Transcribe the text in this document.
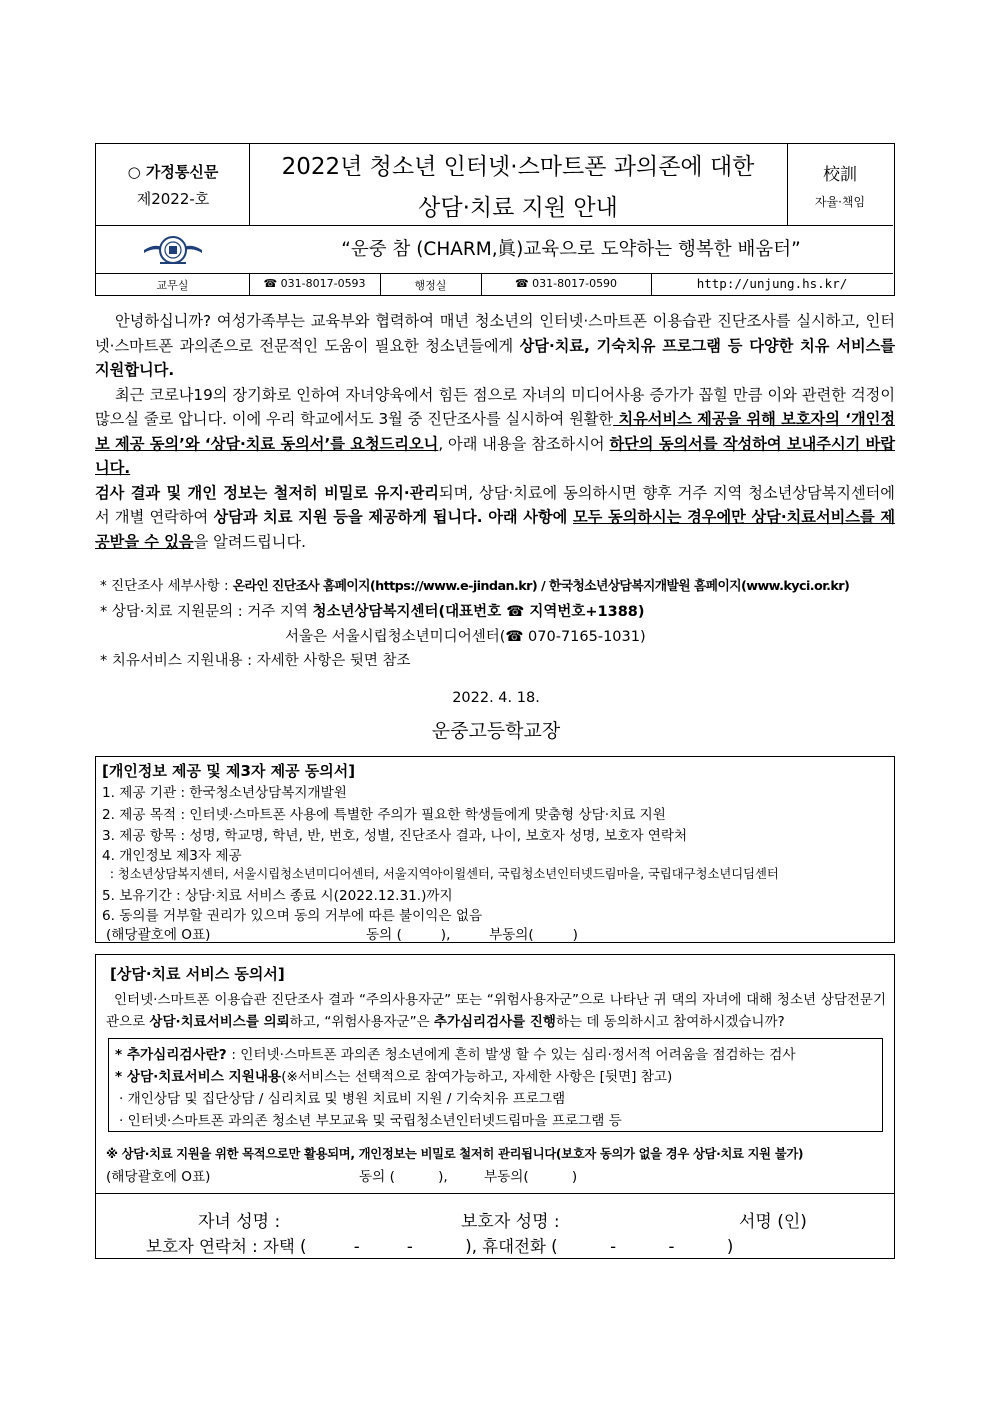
○ 가정통신문
제2022-호
2022년 청소년 인터넷·스마트폰 과의존에 대한
상담·치료 지원 안내
校訓
자율·책임
“운중 참 (CHARM,眞)교육으로 도약하는 행복한 배움터”
교무실	☎ 031-8017-0593	행정실	☎ 031-8017-0590	http://unjung.hs.kr/

안녕하십니까? 여성가족부는 교육부와 협력하여 매년 청소년의 인터넷·스마트폰 이용습관 진단조사를 실시하고, 인터넷·스마트폰 과의존으로 전문적인 도움이 필요한 청소년들에게 상담·치료, 기숙치유 프로그램 등 다양한 치유 서비스를 지원합니다.

최근 코로나19의 장기화로 인하여 자녀양육에서 힘든 점으로 자녀의 미디어사용 증가가 꼽힐 만큼 이와 관련한 걱정이 많으실 줄로 압니다. 이에 우리 학교에서도 3월 중 진단조사를 실시하여 원활한 치유서비스 제공을 위해 보호자의 ‘개인정보 제공 동의’와 ‘상담·치료 동의서’를 요청드리오니, 아래 내용을 참조하시어 하단의 동의서를 작성하여 보내주시기 바랍니다.

검사 결과 및 개인 정보는 철저히 비밀로 유지·관리되며, 상담·치료에 동의하시면 향후 거주 지역 청소년상담복지센터에서 개별 연락하여 상담과 치료 지원 등을 제공하게 됩니다. 아래 사항에 모두 동의하시는 경우에만 상담·치료서비스를 제공받을 수 있음을 알려드립니다.

* 진단조사 세부사항 : 온라인 진단조사 홈페이지(https://www.e-jindan.kr) / 한국청소년상담복지개발원 홈페이지(www.kyci.or.kr)
* 상담·치료 지원문의 : 거주 지역 청소년상담복지센터(대표번호 ☎ 지역번호+1388)
서울은 서울시립청소년미디어센터(☎ 070-7165-1031)
* 치유서비스 지원내용 : 자세한 사항은 뒷면 참조
2022. 4. 18.
운중고등학교장
[개인정보 제공 및 제3자 제공 동의서]
1. 제공 기관 : 한국청소년상담복지개발원
2. 제공 목적 : 인터넷·스마트폰 사용에 특별한 주의가 필요한 학생들에게 맞춤형 상담·치료 지원
3. 제공 항목 : 성명, 학교명, 학년, 반, 번호, 성별, 진단조사 결과, 나이, 보호자 성명, 보호자 연락처
4. 개인정보 제3자 제공
: 청소년상담복지센터, 서울시립청소년미디어센터, 서울지역아이윌센터, 국립청소년인터넷드림마을, 국립대구청소년디딤센터
5. 보유기간 : 상담·치료 서비스 종료 시(2022.12.31.)까지
6. 동의를 거부할 권리가 있으며 동의 거부에 따른 불이익은 없음
(해당괄호에 O표)	동의 (         ),	부동의(         )
[상담·치료 서비스 동의서]
인터넷·스마트폰 이용습관 진단조사 결과 “주의사용자군” 또는 “위험사용자군”으로 나타난 귀 댁의 자녀에 대해 청소년 상담전문기관으로 상담·치료서비스를 의뢰하고, “위험사용자군”은 추가심리검사를 진행하는 데 동의하시고 참여하시겠습니까?
* 추가심리검사란? : 인터넷·스마트폰 과의존 청소년에게 흔히 발생 할 수 있는 심리·정서적 어려움을 점검하는 검사
* 상담·치료서비스 지원내용(※서비스는 선택적으로 참여가능하고, 자세한 사항은 [뒷면] 참고)
· 개인상담 및 집단상담 / 심리치료 및 병원 치료비 지원 / 기숙치유 프로그램
· 인터넷·스마트폰 과의존 청소년 부모교육 및 국립청소년인터넷드림마을 프로그램 등
※ 상담·치료 지원을 위한 목적으로만 활용되며, 개인정보는 비밀로 철저히 관리됩니다(보호자 동의가 없을 경우 상담·치료 지원 불가)
(해당괄호에 O표)	동의 (          ),	부동의(          )
자녀 성명 :	보호자 성명 :	서명 (인)
보호자 연락처 : 자택 (         -         -          ), 휴대전화 (          -          -          )
